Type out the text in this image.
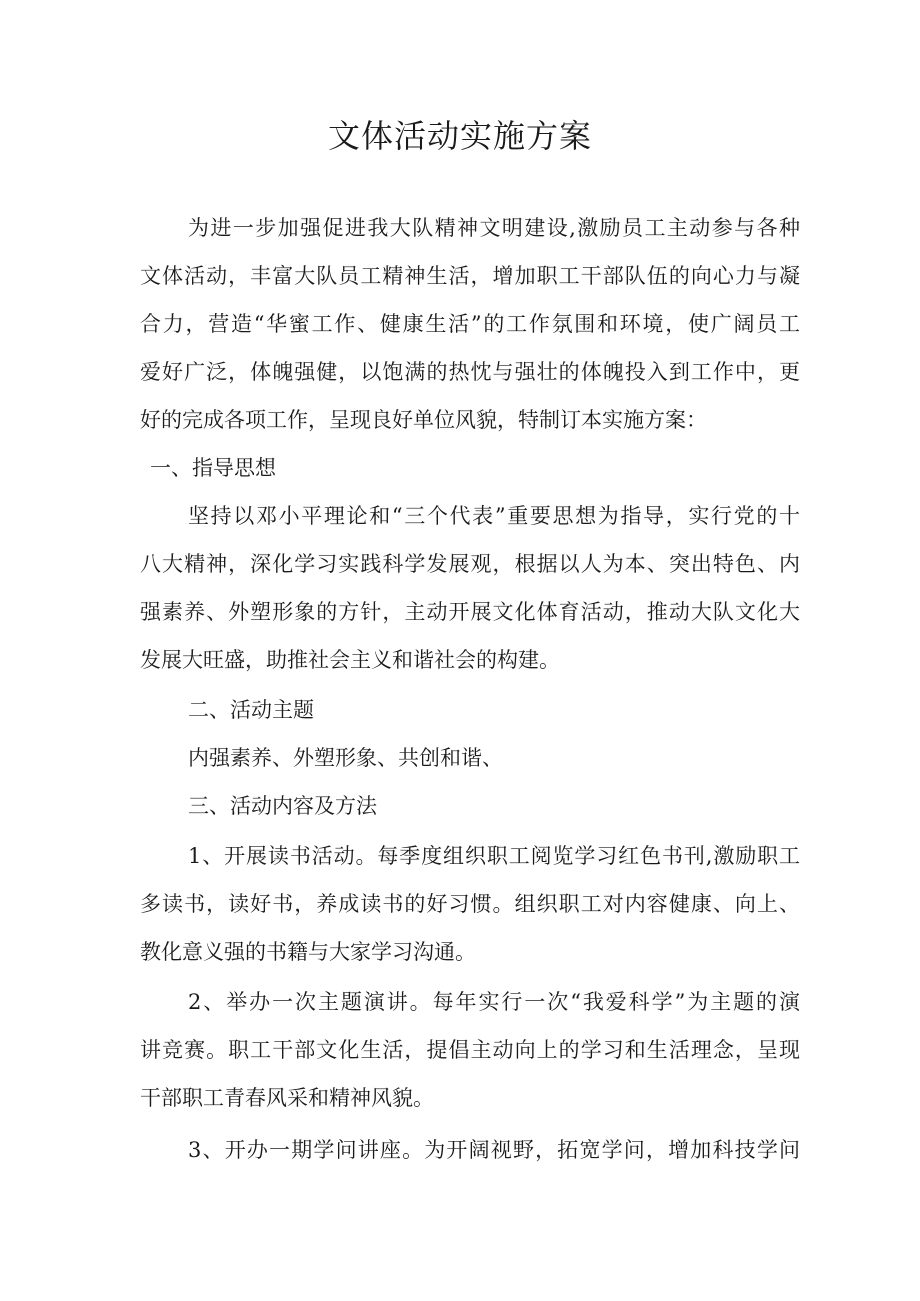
文体活动实施方案
为进一步加强促进我大队精神文明建设,激励员工主动参与各种
文体活动，丰富大队员工精神生活，增加职工干部队伍的向心力与凝
合力，营造“华蜜工作、健康生活”的工作氛围和环境，使广阔员工
爱好广泛，体魄强健，以饱满的热忱与强壮的体魄投入到工作中，更
好的完成各项工作，呈现良好单位风貌，特制订本实施方案：
一、指导思想
坚持以邓小平理论和“三个代表”重要思想为指导，实行党的十
八大精神，深化学习实践科学发展观，根据以人为本、突出特色、内
强素养、外塑形象的方针，主动开展文化体育活动，推动大队文化大
发展大旺盛，助推社会主义和谐社会的构建。
二、活动主题
内强素养、外塑形象、共创和谐、
三、活动内容及方法
1、开展读书活动。每季度组织职工阅览学习红色书刊,激励职工
多读书，读好书，养成读书的好习惯。组织职工对内容健康、向上、
教化意义强的书籍与大家学习沟通。
2、举办一次主题演讲。每年实行一次“我爱科学”为主题的演
讲竞赛。职工干部文化生活，提倡主动向上的学习和生活理念，呈现
干部职工青春风采和精神风貌。
3、开办一期学问讲座。为开阔视野，拓宽学问，增加科技学问
